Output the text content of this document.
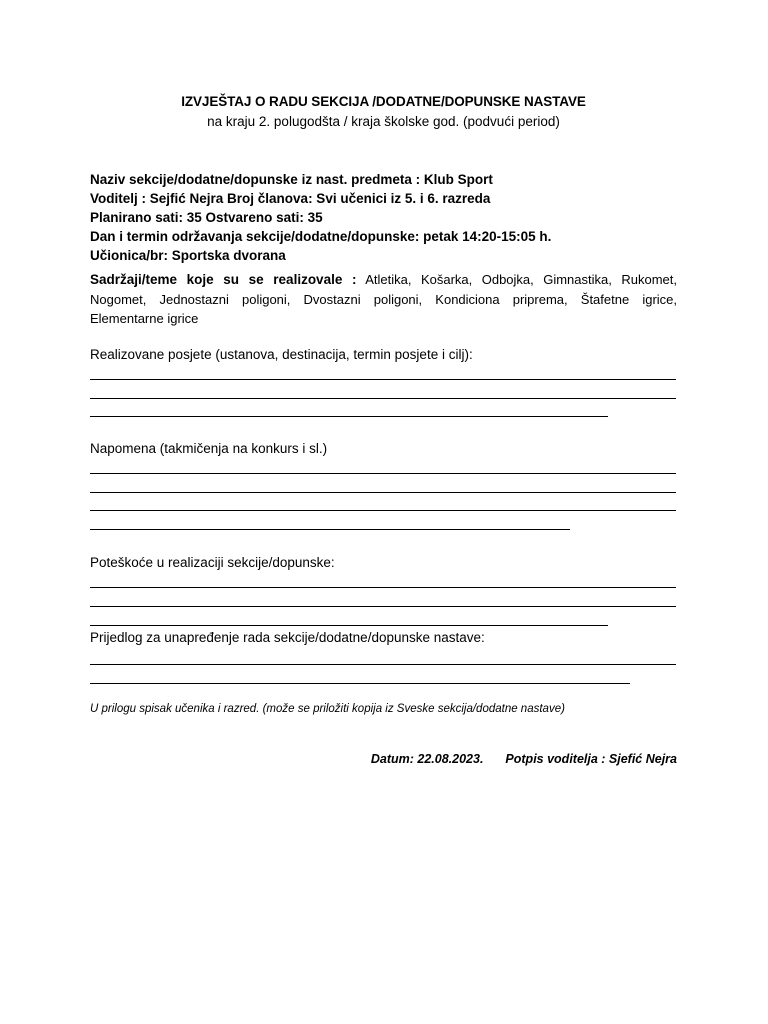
IZVJEŠTAJ O RADU SEKCIJA /DODATNE/DOPUNSKE NASTAVE
na kraju 2. polugodšta / kraja školske god. (podvući period)
Naziv sekcije/dodatne/dopunske iz nast. predmeta : Klub Sport
Voditelj : Sejfić Nejra Broj članova: Svi učenici iz 5. i 6. razreda
Planirano sati: 35 Ostvareno sati: 35
Dan i termin održavanja sekcije/dodatne/dopunske: petak 14:20-15:05 h.
Učionica/br: Sportska dvorana
Sadržaji/teme koje su se realizovale : Atletika, Košarka, Odbojka, Gimnastika, Rukomet, Nogomet, Jednostazni poligoni, Dvostazni poligoni, Kondiciona priprema, Štafetne igrice, Elementarne igrice
Realizovane posjete (ustanova, destinacija, termin posjete i cilj):
Napomena (takmičenja na konkurs i sl.)
Poteškoće u realizaciji sekcije/dopunske:
Prijedlog za unapređenje rada sekcije/dodatne/dopunske nastave:
U prilogu spisak učenika i razred. (može se priložiti kopija iz Sveske sekcija/dodatne nastave)
Datum: 22.08.2023. Potpis voditelja : Sjefić Nejra
